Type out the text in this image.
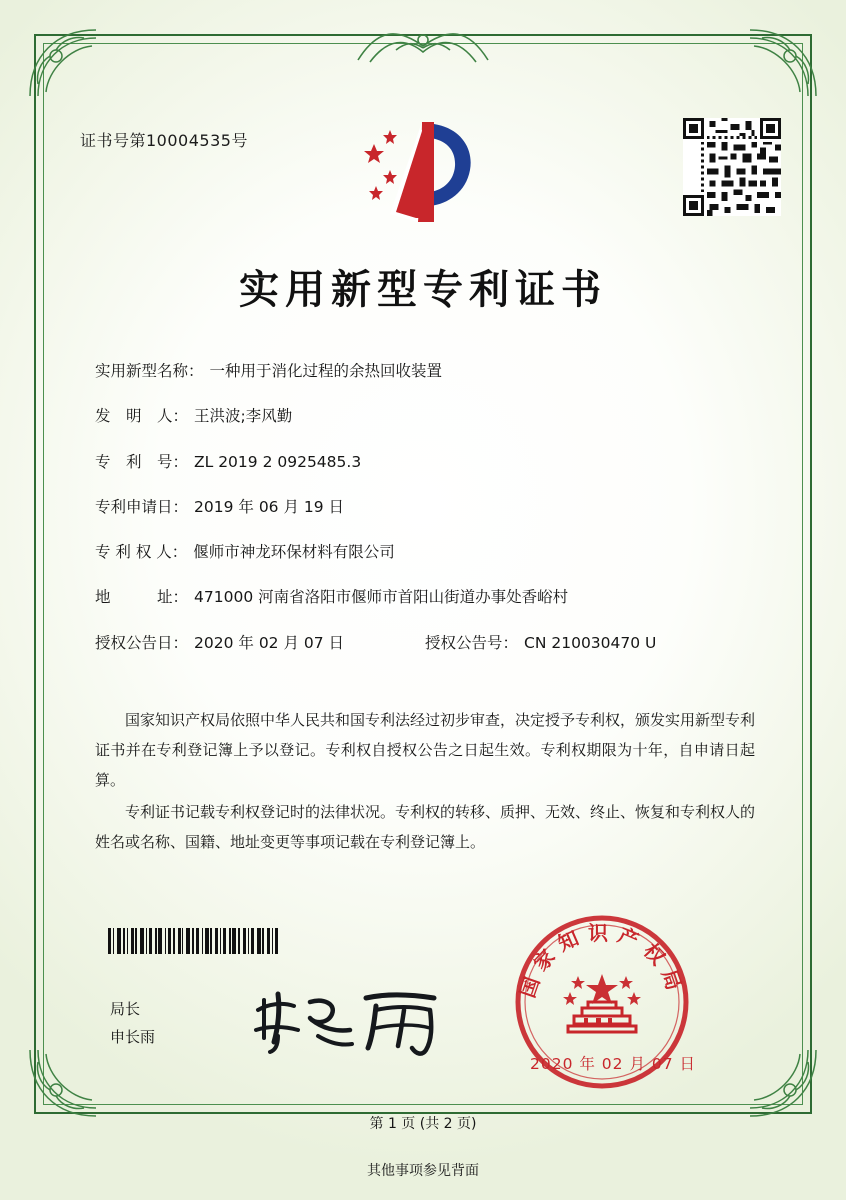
证书号第10004535号
实用新型专利证书
实用新型名称： 一种用于消化过程的余热回收装置
发　明　人： 王洪波;李风勤
专　利　号： ZL 2019 2 0925485.3
专利申请日： 2019 年 06 月 19 日
专 利 权 人： 偃师市神龙环保材料有限公司
地　　　址： 471000 河南省洛阳市偃师市首阳山街道办事处香峪村
授权公告日： 2020 年 02 月 07 日	授权公告号： CN 210030470 U

国家知识产权局依照中华人民共和国专利法经过初步审查，决定授予专利权，颁发实用新型专利证书并在专利登记簿上予以登记。专利权自授权公告之日起生效。专利权期限为十年，自申请日起算。

专利证书记载专利权登记时的法律状况。专利权的转移、质押、无效、终止、恢复和专利权人的姓名或名称、国籍、地址变更等事项记载在专利登记簿上。

局长
申长雨
国家知识产权局
2020 年 02 月 07 日
第 1 页 (共 2 页)
其他事项参见背面
